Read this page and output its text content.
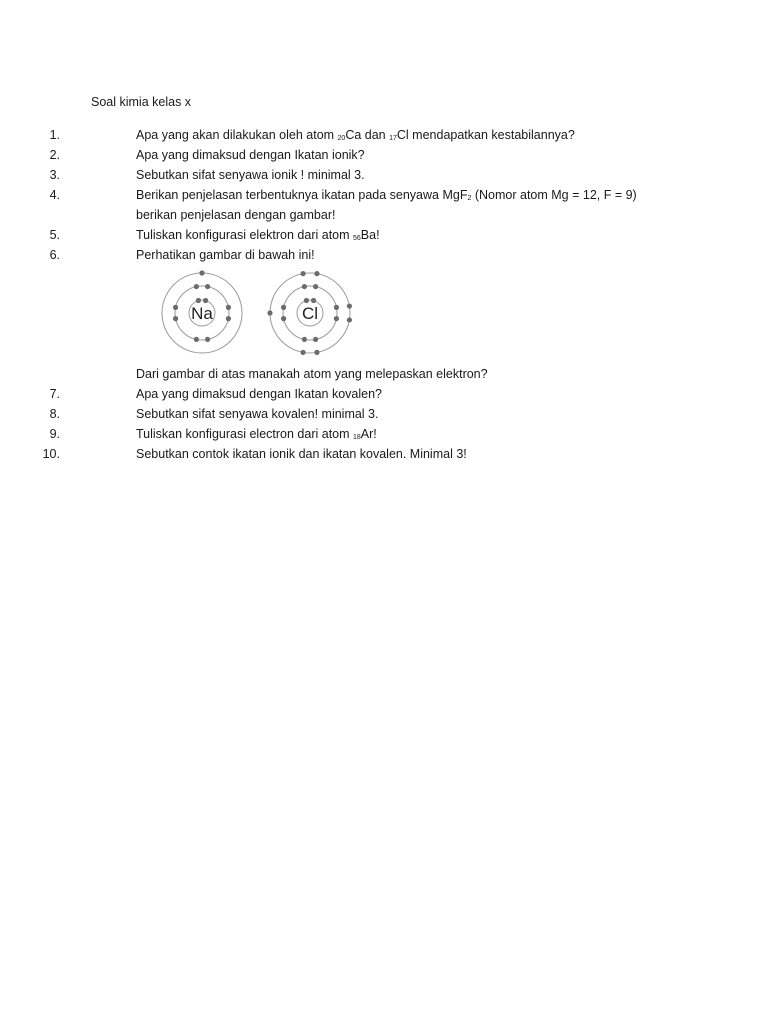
Soal kimia kelas x
1.	Apa yang akan dilakukan oleh atom $_{20}$Ca dan $_{17}$Cl mendapatkan kestabilannya?
2.	Apa yang dimaksud dengan Ikatan ionik?
3.	Sebutkan sifat senyawa ionik ! minimal 3.
4.	Berikan penjelasan terbentuknya ikatan pada senyawa MgF$_2$ (Nomor atom Mg = 12, F = 9)
berikan penjelasan dengan gambar!
5.	Tuliskan konfigurasi elektron dari atom $_{56}$Ba!
6.	Perhatikan gambar di bawah ini!
7.	Apa yang dimaksud dengan Ikatan kovalen?
8.	Sebutkan sifat senyawa kovalen! minimal 3.
9.	Tuliskan konfigurasi electron dari atom $_{18}$Ar!
10.	Sebutkan contok ikatan ionik dan ikatan kovalen. Minimal 3!
Na	Cl
Dari gambar di atas manakah atom yang melepaskan elektron?
